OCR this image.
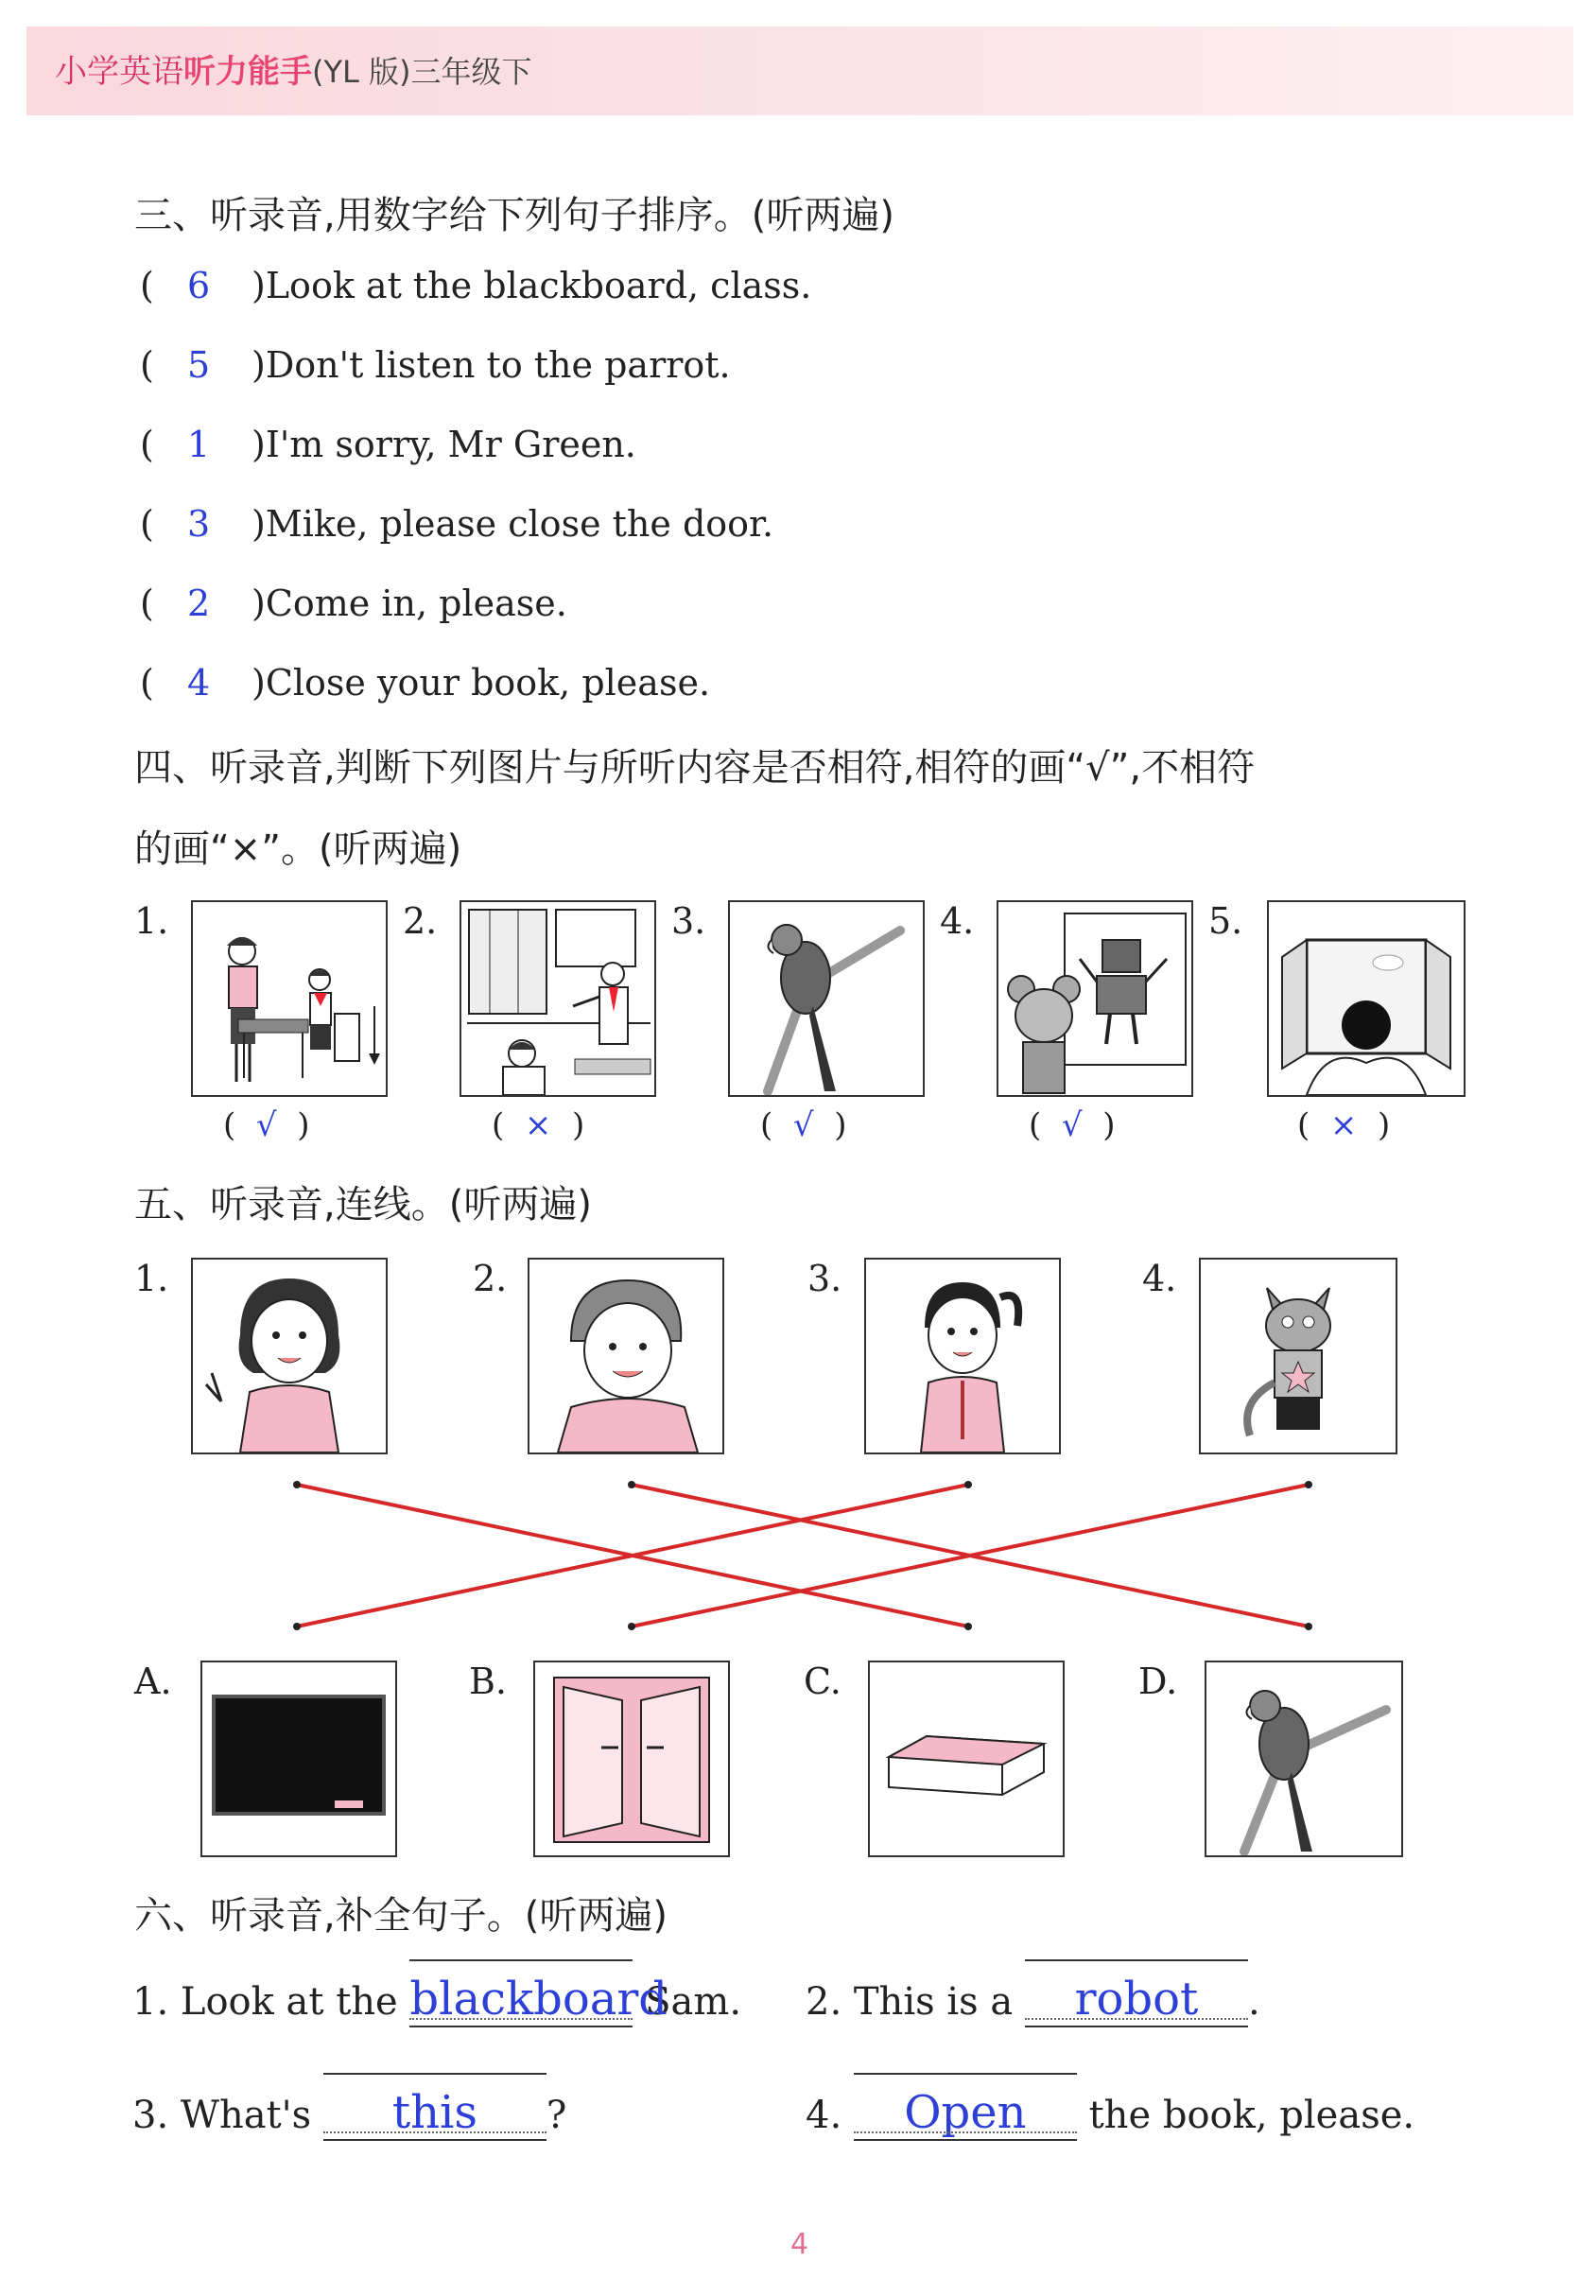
小学英语听力能手(YL 版)三年级下
三、听录音,用数字给下列句子排序。(听两遍)
( 6 )Look at the blackboard, class.
( 5 )Don't listen to the parrot.
( 1 )I'm sorry, Mr Green.
( 3 )Mike, please close the door.
( 2 )Come in, please.
( 4 )Close your book, please.
四、听录音,判断下列图片与所听内容是否相符,相符的画“√”,不相符
的画“×”。(听两遍)
1.
( √ )
2.
( × )
3.
( √ )
4.
( √ )
5.
( × )
五、听录音,连线。(听两遍)
1.	2.	3.	4.
A.	B.	C.	D.
六、听录音,补全句子。(听两遍)
1. Look at the blackboard Sam. 2. This is a robot .
3. What's this ?	4. Open the book, please.
4
